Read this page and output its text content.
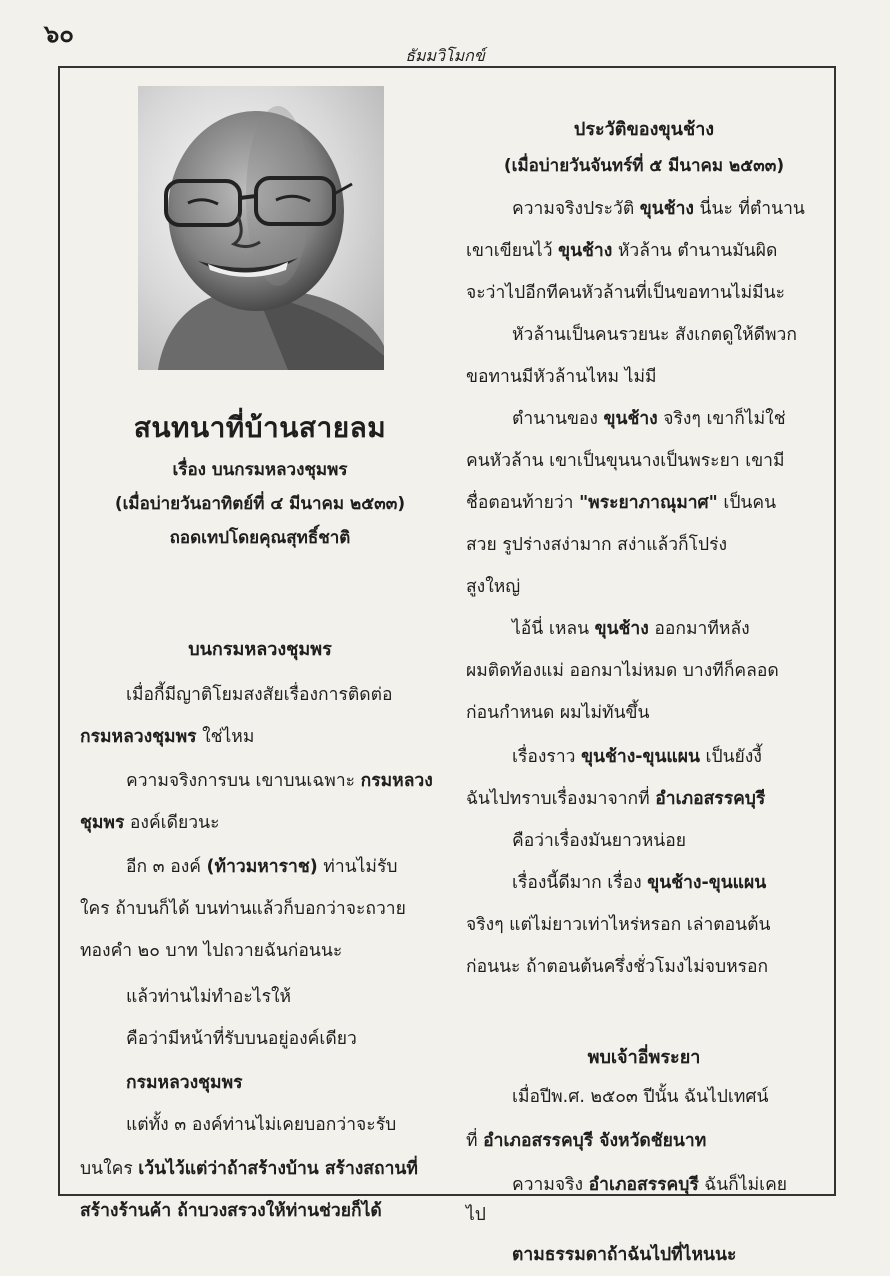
๖๐
ธัมมวิโมกข์
สนทนาที่บ้านสายลม
เรื่อง บนกรมหลวงชุมพร
(เมื่อบ่ายวันอาทิตย์ที่ ๔ มีนาคม ๒๕๓๓)
ถอดเทปโดยคุณสุทธิ์ชาติ
บนกรมหลวงชุมพร
เมื่อกี้มีญาติโยมสงสัยเรื่องการติดต่อ
กรมหลวงชุมพร ใช่ไหม
ความจริงการบน เขาบนเฉพาะ กรมหลวง
ชุมพร องค์เดียวนะ
อีก ๓ องค์ (ท้าวมหาราช) ท่านไม่รับ
ใคร ถ้าบนก็ได้ บนท่านแล้วก็บอกว่าจะถวาย
ทองคำ ๒๐ บาท ไปถวายฉันก่อนนะ
แล้วท่านไม่ทำอะไรให้
คือว่ามีหน้าที่รับบนอยู่องค์เดียว
กรมหลวงชุมพร
แต่ทั้ง ๓ องค์ท่านไม่เคยบอกว่าจะรับ
บนใคร เว้นไว้แต่ว่าถ้าสร้างบ้าน สร้างสถานที่
สร้างร้านค้า ถ้าบวงสรวงให้ท่านช่วยก็ได้
ประวัติของขุนช้าง
(เมื่อบ่ายวันจันทร์ที่ ๕ มีนาคม ๒๕๓๓)
ความจริงประวัติ ขุนช้าง นี่นะ ที่ตำนาน
เขาเขียนไว้ ขุนช้าง หัวล้าน ตำนานมันผิด
จะว่าไปอีกทีคนหัวล้านที่เป็นขอทานไม่มีนะ
หัวล้านเป็นคนรวยนะ สังเกตดูให้ดีพวก
ขอทานมีหัวล้านไหม ไม่มี
ตำนานของ ขุนช้าง จริงๆ เขาก็ไม่ใช่
คนหัวล้าน เขาเป็นขุนนางเป็นพระยา เขามี
ชื่อตอนท้ายว่า "พระยาภาณุมาศ" เป็นคน
สวย รูปร่างสง่ามาก สง่าแล้วก็โปร่ง
สูงใหญ่
ไอ้นี่ เหลน ขุนช้าง ออกมาทีหลัง
ผมติดท้องแม่ ออกมาไม่หมด บางทีก็คลอด
ก่อนกำหนด ผมไม่ทันขึ้น
เรื่องราว ขุนช้าง-ขุนแผน เป็นยังงี้
ฉันไปทราบเรื่องมาจากที่ อำเภอสรรคบุรี
คือว่าเรื่องมันยาวหน่อย
เรื่องนี้ดีมาก เรื่อง ขุนช้าง-ขุนแผน
จริงๆ แต่ไม่ยาวเท่าไหร่หรอก เล่าตอนต้น
ก่อนนะ ถ้าตอนต้นครึ่งชั่วโมงไม่จบหรอก
พบเจ้าอี่พระยา
เมื่อปีพ.ศ. ๒๕๐๓ ปีนั้น ฉันไปเทศน์
ที่ อำเภอสรรคบุรี จังหวัดชัยนาท
ความจริง อำเภอสรรคบุรี ฉันก็ไม่เคย
ไป
ตามธรรมดาถ้าฉันไปที่ไหนนะ
